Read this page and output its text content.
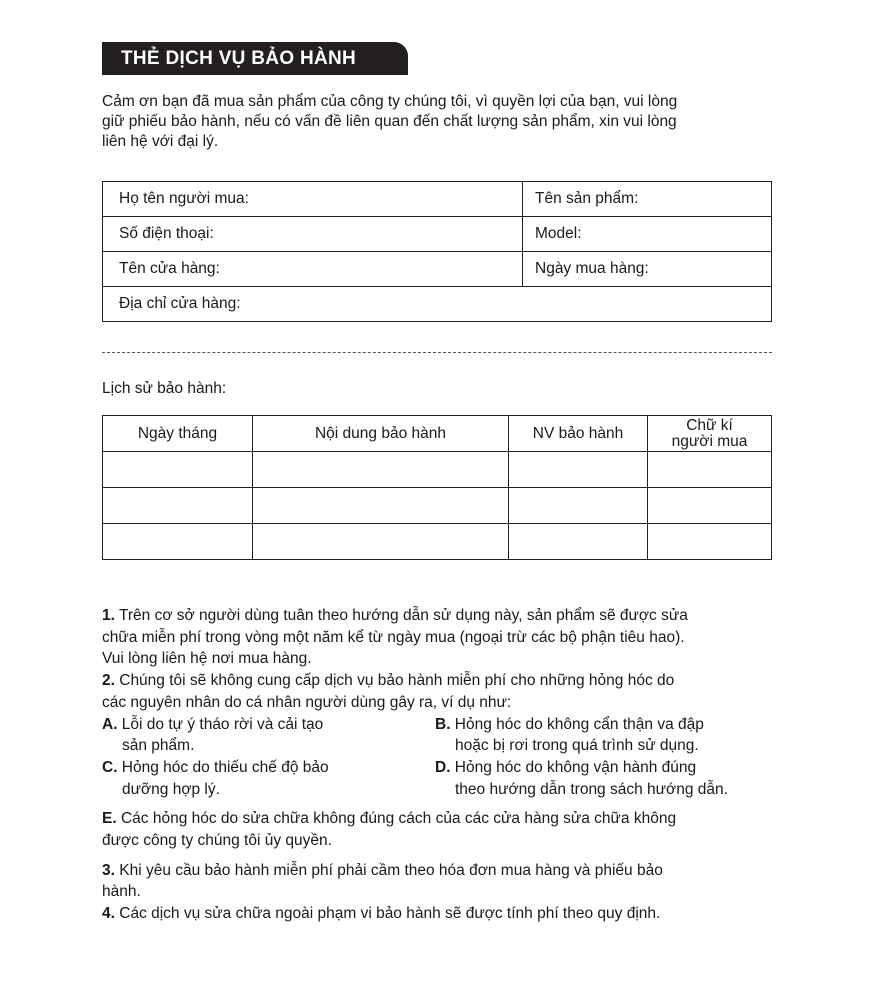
THẺ DỊCH VỤ BẢO HÀNH
Cảm ơn bạn đã mua sản phẩm của công ty chúng tôi, vì quyền lợi của bạn, vui lòng
giữ phiếu bảo hành, nếu có vấn đề liên quan đến chất lượng sản phẩm, xin vui lòng
liên hệ với đại lý.
Họ tên người mua:	Tên sản phẩm:
Số điện thoại:	Model:
Tên cửa hàng:	Ngày mua hàng:
Địa chỉ cửa hàng:	
Lịch sử bảo hành:
Ngày tháng	Nội dung bảo hành	NV bảo hành	Chữ kí
người mua

1. Trên cơ sở người dùng tuân theo hướng dẫn sử dụng này, sản phẩm sẽ được sửa
chữa miễn phí trong vòng một năm kể từ ngày mua (ngoại trừ các bộ phận tiêu hao).
Vui lòng liên hệ nơi mua hàng.
2. Chúng tôi sẽ không cung cấp dịch vụ bảo hành miễn phí cho những hỏng hóc do
các nguyên nhân do cá nhân người dùng gây ra, ví dụ như:
A. Lỗi do tự ý tháo rời và cải tạo
sản phẩm.
B. Hỏng hóc do không cẩn thận va đập
hoặc bị rơi trong quá trình sử dụng.
C. Hỏng hóc do thiếu chế độ bảo
dưỡng hợp lý.
D. Hỏng hóc do không vận hành đúng
theo hướng dẫn trong sách hướng dẫn.
E. Các hỏng hóc do sửa chữa không đúng cách của các cửa hàng sửa chữa không
được công ty chúng tôi ủy quyền.
3. Khi yêu cầu bảo hành miễn phí phải cầm theo hóa đơn mua hàng và phiếu bảo
hành.
4. Các dịch vụ sửa chữa ngoài phạm vi bảo hành sẽ được tính phí theo quy định.
